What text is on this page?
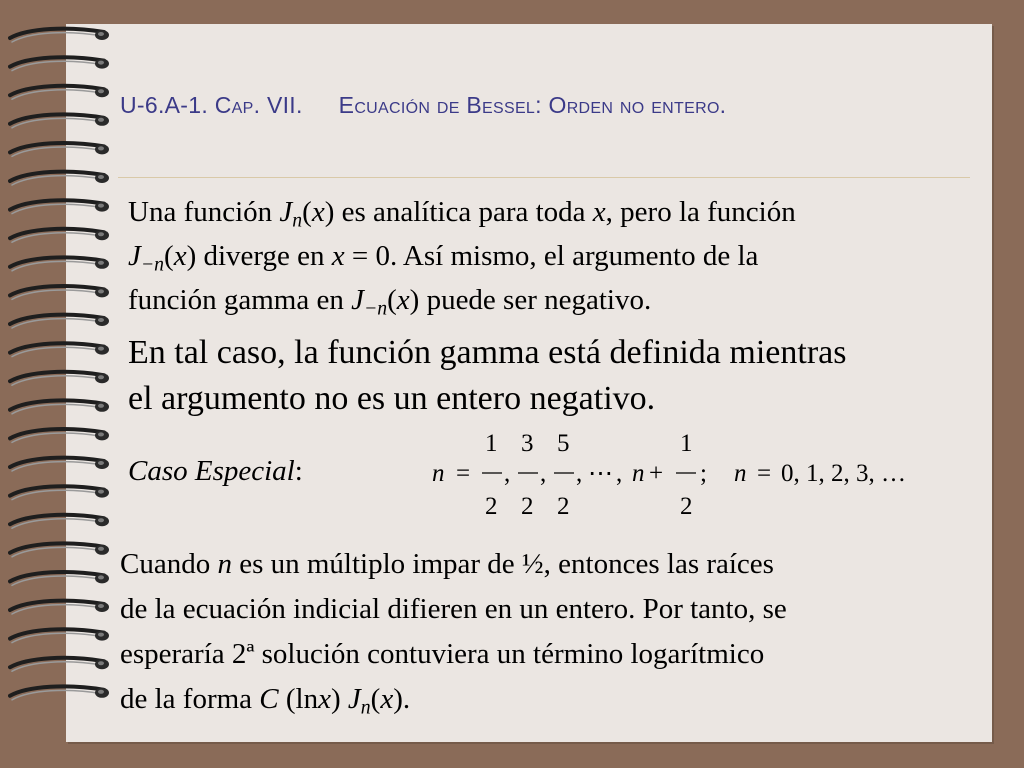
U-6.A-1. Cap. VII. Ecuación de Bessel: Orden no entero.
Una función $J_n(x)$ es analítica para toda x, pero la función
$J_{-n}(x)$ diverge en x = 0. Así mismo, el argumento de la
función gamma en $J_{-n}(x)$ puede ser negativo.
En tal caso, la función gamma está definida mientras
el argumento no es un entero negativo.
Caso Especial:	n =
1
2
,
3
2
,
5
2
, ⋯ , n +
1
2
; n = 0, 1, 2, 3, …
Cuando n es un múltiplo impar de ½, entonces las raíces
de la ecuación indicial difieren en un entero. Por tanto, se
esperaría 2ª solución contuviera un término logarítmico
de la forma C (lnx) $J_n(x)$.
